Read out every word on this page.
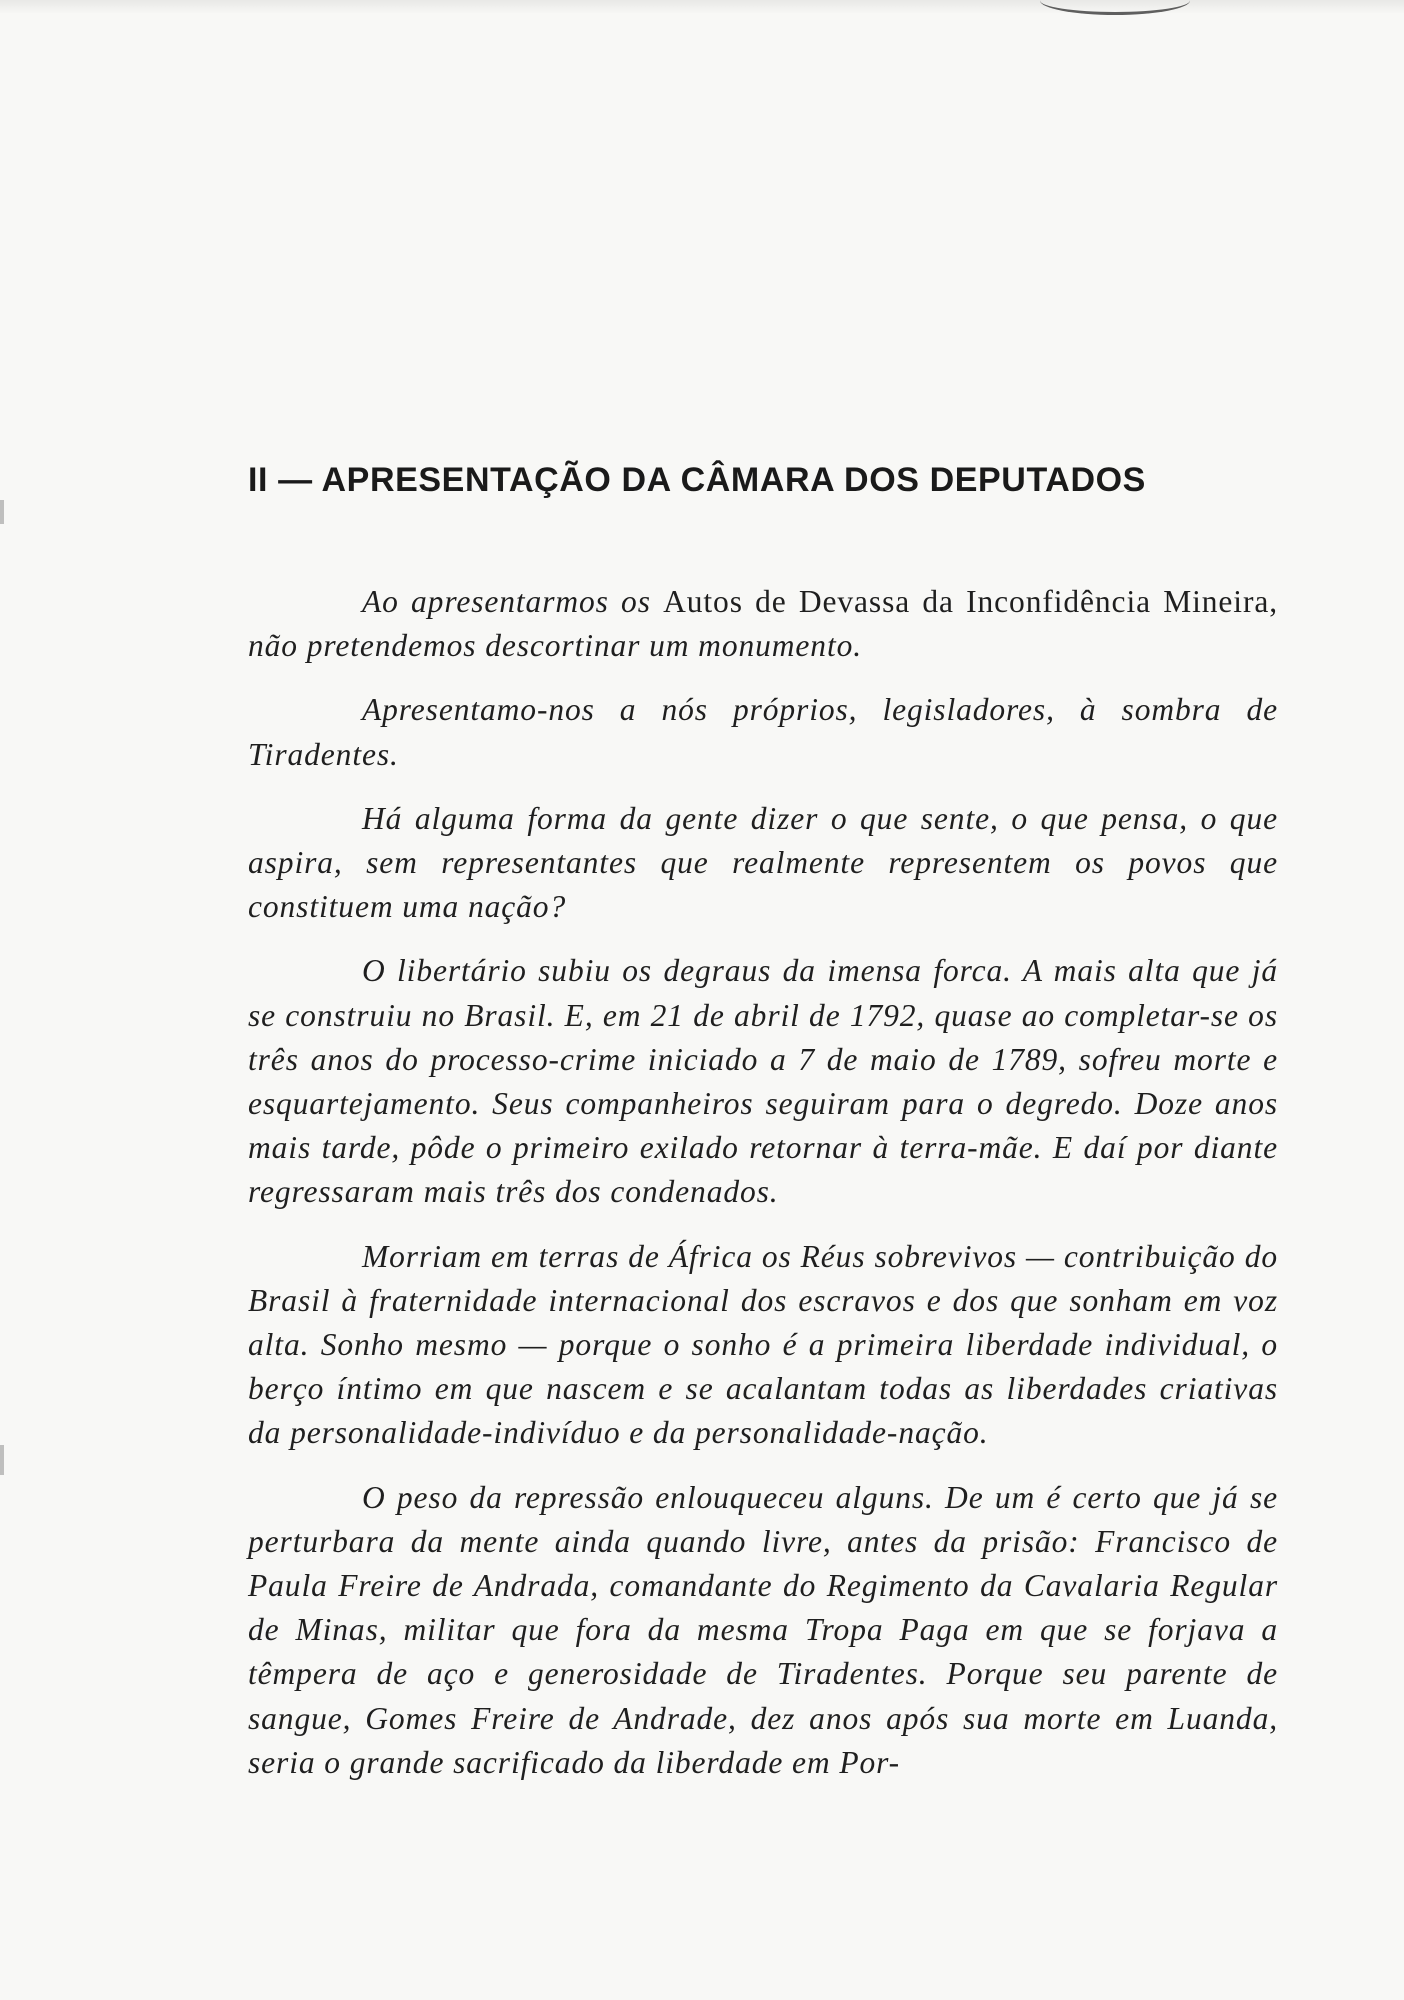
II — APRESENTAÇÃO DA CÂMARA DOS DEPUTADOS

Ao apresentarmos os Autos de Devassa da Inconfidência Mineira, não pretendemos descortinar um monumento.

Apresentamo-nos a nós próprios, legisladores, à sombra de Tiradentes.

Há alguma forma da gente dizer o que sente, o que pensa, o que aspira, sem representantes que realmente representem os povos que constituem uma nação?

O libertário subiu os degraus da imensa forca. A mais alta que já se construiu no Brasil. E, em 21 de abril de 1792, quase ao completar-se os três anos do processo-crime iniciado a 7 de maio de 1789, sofreu morte e esquartejamento. Seus companheiros seguiram para o degredo. Doze anos mais tarde, pôde o primeiro exilado retornar à terra-mãe. E daí por diante regressaram mais três dos condenados.

Morriam em terras de África os Réus sobrevivos — contribuição do Brasil à fraternidade internacional dos escravos e dos que sonham em voz alta. Sonho mesmo — porque o sonho é a primeira liberdade individual, o berço íntimo em que nascem e se acalantam todas as liberdades criativas da personalidade-indivíduo e da personalidade-nação.

O peso da repressão enlouqueceu alguns. De um é certo que já se perturbara da mente ainda quando livre, antes da prisão: Francisco de Paula Freire de Andrada, comandante do Regimento da Cavalaria Regular de Minas, militar que fora da mesma Tropa Paga em que se forjava a têmpera de aço e generosidade de Tiradentes. Porque seu parente de sangue, Gomes Freire de Andrade, dez anos após sua morte em Luanda, seria o grande sacrificado da liberdade em Por-
